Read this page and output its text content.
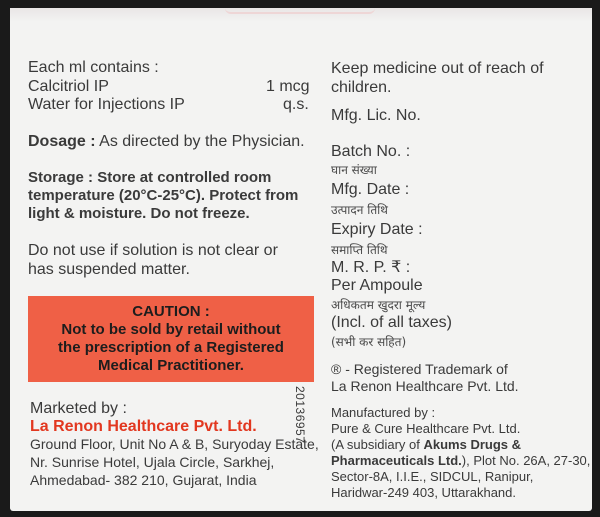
Each ml contains :
Calcitriol IP	1 mcg
Water for Injections IP	q.s.
Dosage : As directed by the Physician.
Storage : Store at controlled room
temperature (20°C-25°C). Protect from
light & moisture. Do not freeze.
Do not use if solution is not clear or
has suspended matter.
CAUTION :
Not to be sold by retail without
the prescription of a Registered
Medical Practitioner.
Marketed by :
La Renon Healthcare Pvt. Ltd.
Ground Floor, Unit No A & B, Suryoday Estate,
Nr. Sunrise Hotel, Ujala Circle, Sarkhej,
Ahmedabad- 382 210, Gujarat, India
20136957
Keep medicine out of reach of
children.
Mfg. Lic. No.
Batch No. :
घान संख्या
Mfg. Date :
उत्पादन तिथि
Expiry Date :
समाप्ति तिथि
M. R. P. ₹ :
Per Ampoule
अधिकतम खुदरा मूल्य
(Incl. of all taxes)
(सभी कर सहित)
® - Registered Trademark of
La Renon Healthcare Pvt. Ltd.
Manufactured by :
Pure & Cure Healthcare Pvt. Ltd.
(A subsidiary of Akums Drugs &
Pharmaceuticals Ltd.), Plot No. 26A, 27-30,
Sector-8A, I.I.E., SIDCUL, Ranipur,
Haridwar-249 403, Uttarakhand.
